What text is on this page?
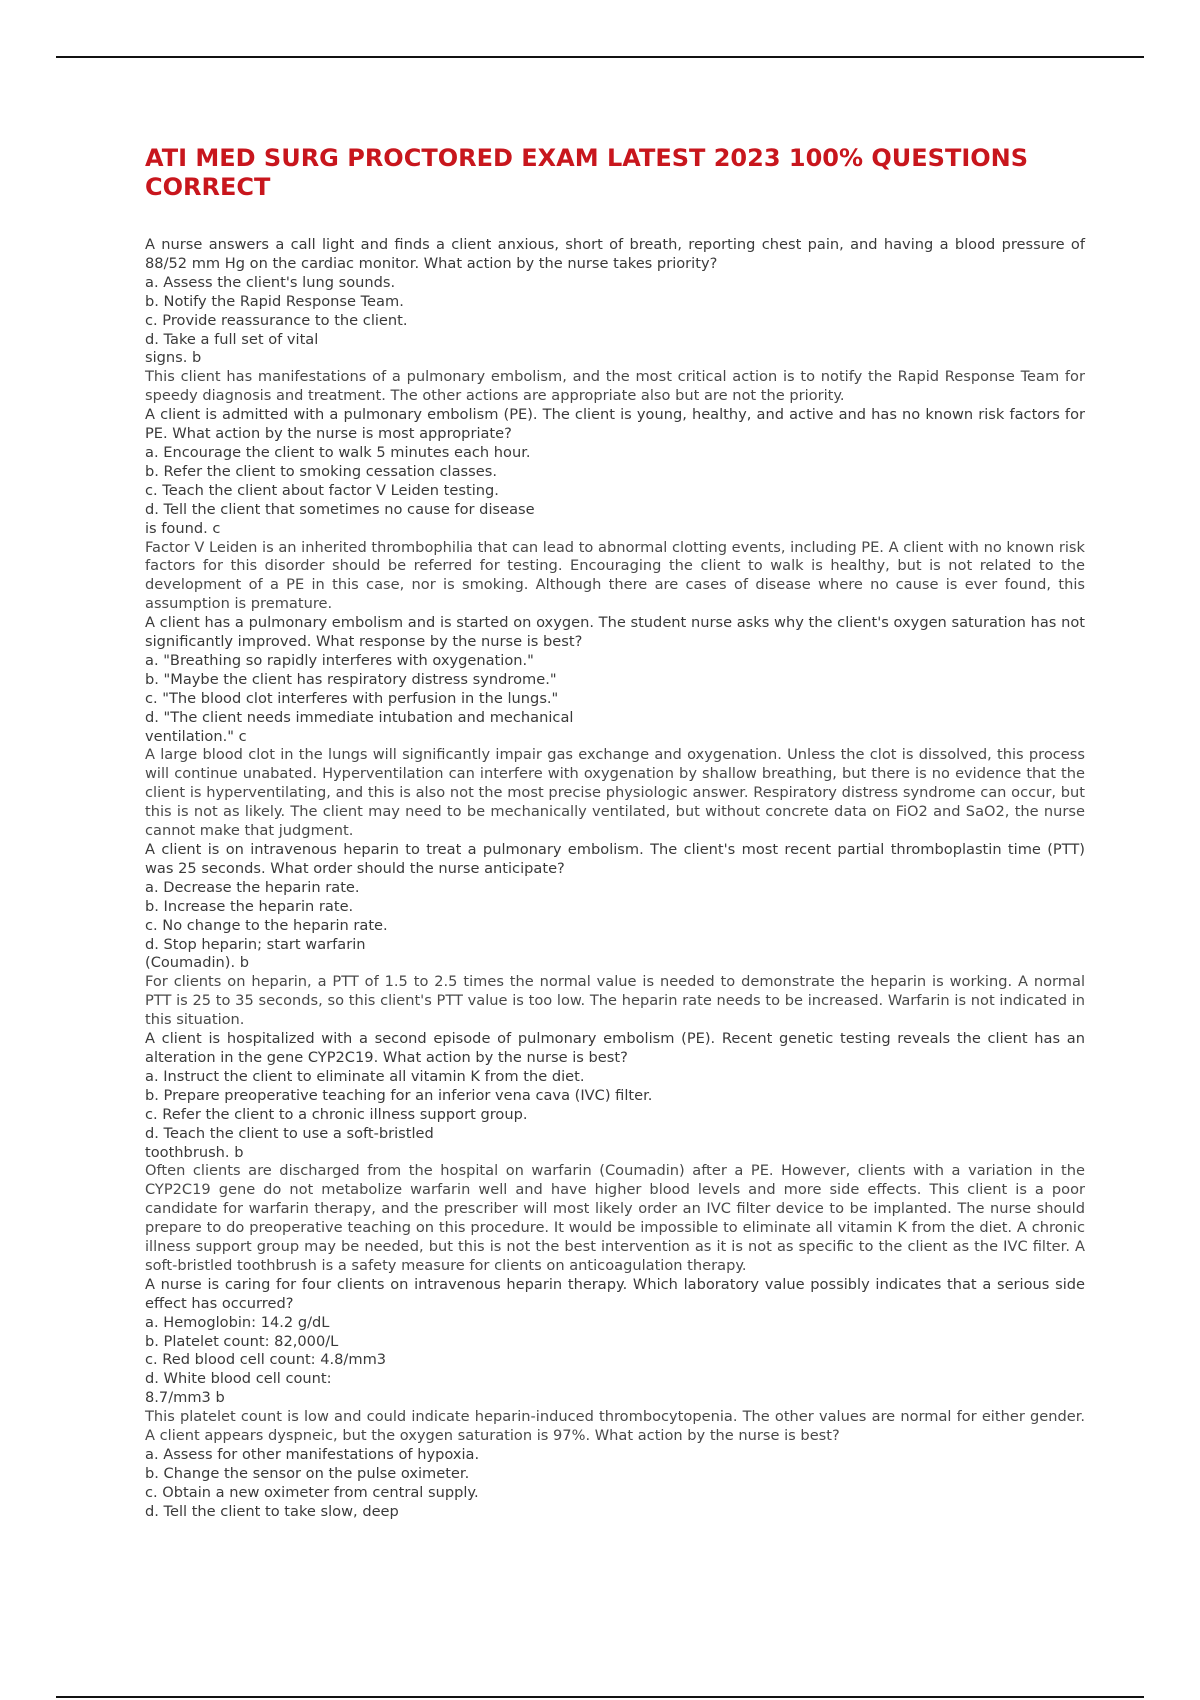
ATI MED SURG PROCTORED EXAM LATEST 2023 100% QUESTIONS CORRECT
A nurse answers a call light and finds a client anxious, short of breath, reporting chest pain, and having a blood pressure of 88/52 mm Hg on the cardiac monitor. What action by the nurse takes priority?
a. Assess the client's lung sounds.
b. Notify the Rapid Response Team.
c. Provide reassurance to the client.
d. Take a full set of vital
signs. b
This client has manifestations of a pulmonary embolism, and the most critical action is to notify the Rapid Response Team for speedy diagnosis and treatment. The other actions are appropriate also but are not the priority.
A client is admitted with a pulmonary embolism (PE). The client is young, healthy, and active and has no known risk factors for PE. What action by the nurse is most appropriate?
a. Encourage the client to walk 5 minutes each hour.
b. Refer the client to smoking cessation classes.
c. Teach the client about factor V Leiden testing.
d. Tell the client that sometimes no cause for disease
is found. c
Factor V Leiden is an inherited thrombophilia that can lead to abnormal clotting events, including PE. A client with no known risk factors for this disorder should be referred for testing. Encouraging the client to walk is healthy, but is not related to the development of a PE in this case, nor is smoking. Although there are cases of disease where no cause is ever found, this assumption is premature.
A client has a pulmonary embolism and is started on oxygen. The student nurse asks why the client's oxygen saturation has not significantly improved. What response by the nurse is best?
a. "Breathing so rapidly interferes with oxygenation."
b. "Maybe the client has respiratory distress syndrome."
c. "The blood clot interferes with perfusion in the lungs."
d. "The client needs immediate intubation and mechanical
ventilation." c
A large blood clot in the lungs will significantly impair gas exchange and oxygenation. Unless the clot is dissolved, this process will continue unabated. Hyperventilation can interfere with oxygenation by shallow breathing, but there is no evidence that the client is hyperventilating, and this is also not the most precise physiologic answer. Respiratory distress syndrome can occur, but this is not as likely. The client may need to be mechanically ventilated, but without concrete data on FiO2 and SaO2, the nurse cannot make that judgment.
A client is on intravenous heparin to treat a pulmonary embolism. The client's most recent partial thromboplastin time (PTT) was 25 seconds. What order should the nurse anticipate?
a. Decrease the heparin rate.
b. Increase the heparin rate.
c. No change to the heparin rate.
d. Stop heparin; start warfarin
(Coumadin). b
For clients on heparin, a PTT of 1.5 to 2.5 times the normal value is needed to demonstrate the heparin is working. A normal PTT is 25 to 35 seconds, so this client's PTT value is too low. The heparin rate needs to be increased. Warfarin is not indicated in this situation.
A client is hospitalized with a second episode of pulmonary embolism (PE). Recent genetic testing reveals the client has an alteration in the gene CYP2C19. What action by the nurse is best?
a. Instruct the client to eliminate all vitamin K from the diet.
b. Prepare preoperative teaching for an inferior vena cava (IVC) filter.
c. Refer the client to a chronic illness support group.
d. Teach the client to use a soft-bristled
toothbrush. b
Often clients are discharged from the hospital on warfarin (Coumadin) after a PE. However, clients with a variation in the CYP2C19 gene do not metabolize warfarin well and have higher blood levels and more side effects. This client is a poor candidate for warfarin therapy, and the prescriber will most likely order an IVC filter device to be implanted. The nurse should prepare to do preoperative teaching on this procedure. It would be impossible to eliminate all vitamin K from the diet. A chronic illness support group may be needed, but this is not the best intervention as it is not as specific to the client as the IVC filter. A soft-bristled toothbrush is a safety measure for clients on anticoagulation therapy.
A nurse is caring for four clients on intravenous heparin therapy. Which laboratory value possibly indicates that a serious side effect has occurred?
a. Hemoglobin: 14.2 g/dL
b. Platelet count: 82,000/L
c. Red blood cell count: 4.8/mm3
d. White blood cell count:
8.7/mm3 b
This platelet count is low and could indicate heparin-induced thrombocytopenia. The other values are normal for either gender. A client appears dyspneic, but the oxygen saturation is 97%. What action by the nurse is best?
a. Assess for other manifestations of hypoxia.
b. Change the sensor on the pulse oximeter.
c. Obtain a new oximeter from central supply.
d. Tell the client to take slow, deep
